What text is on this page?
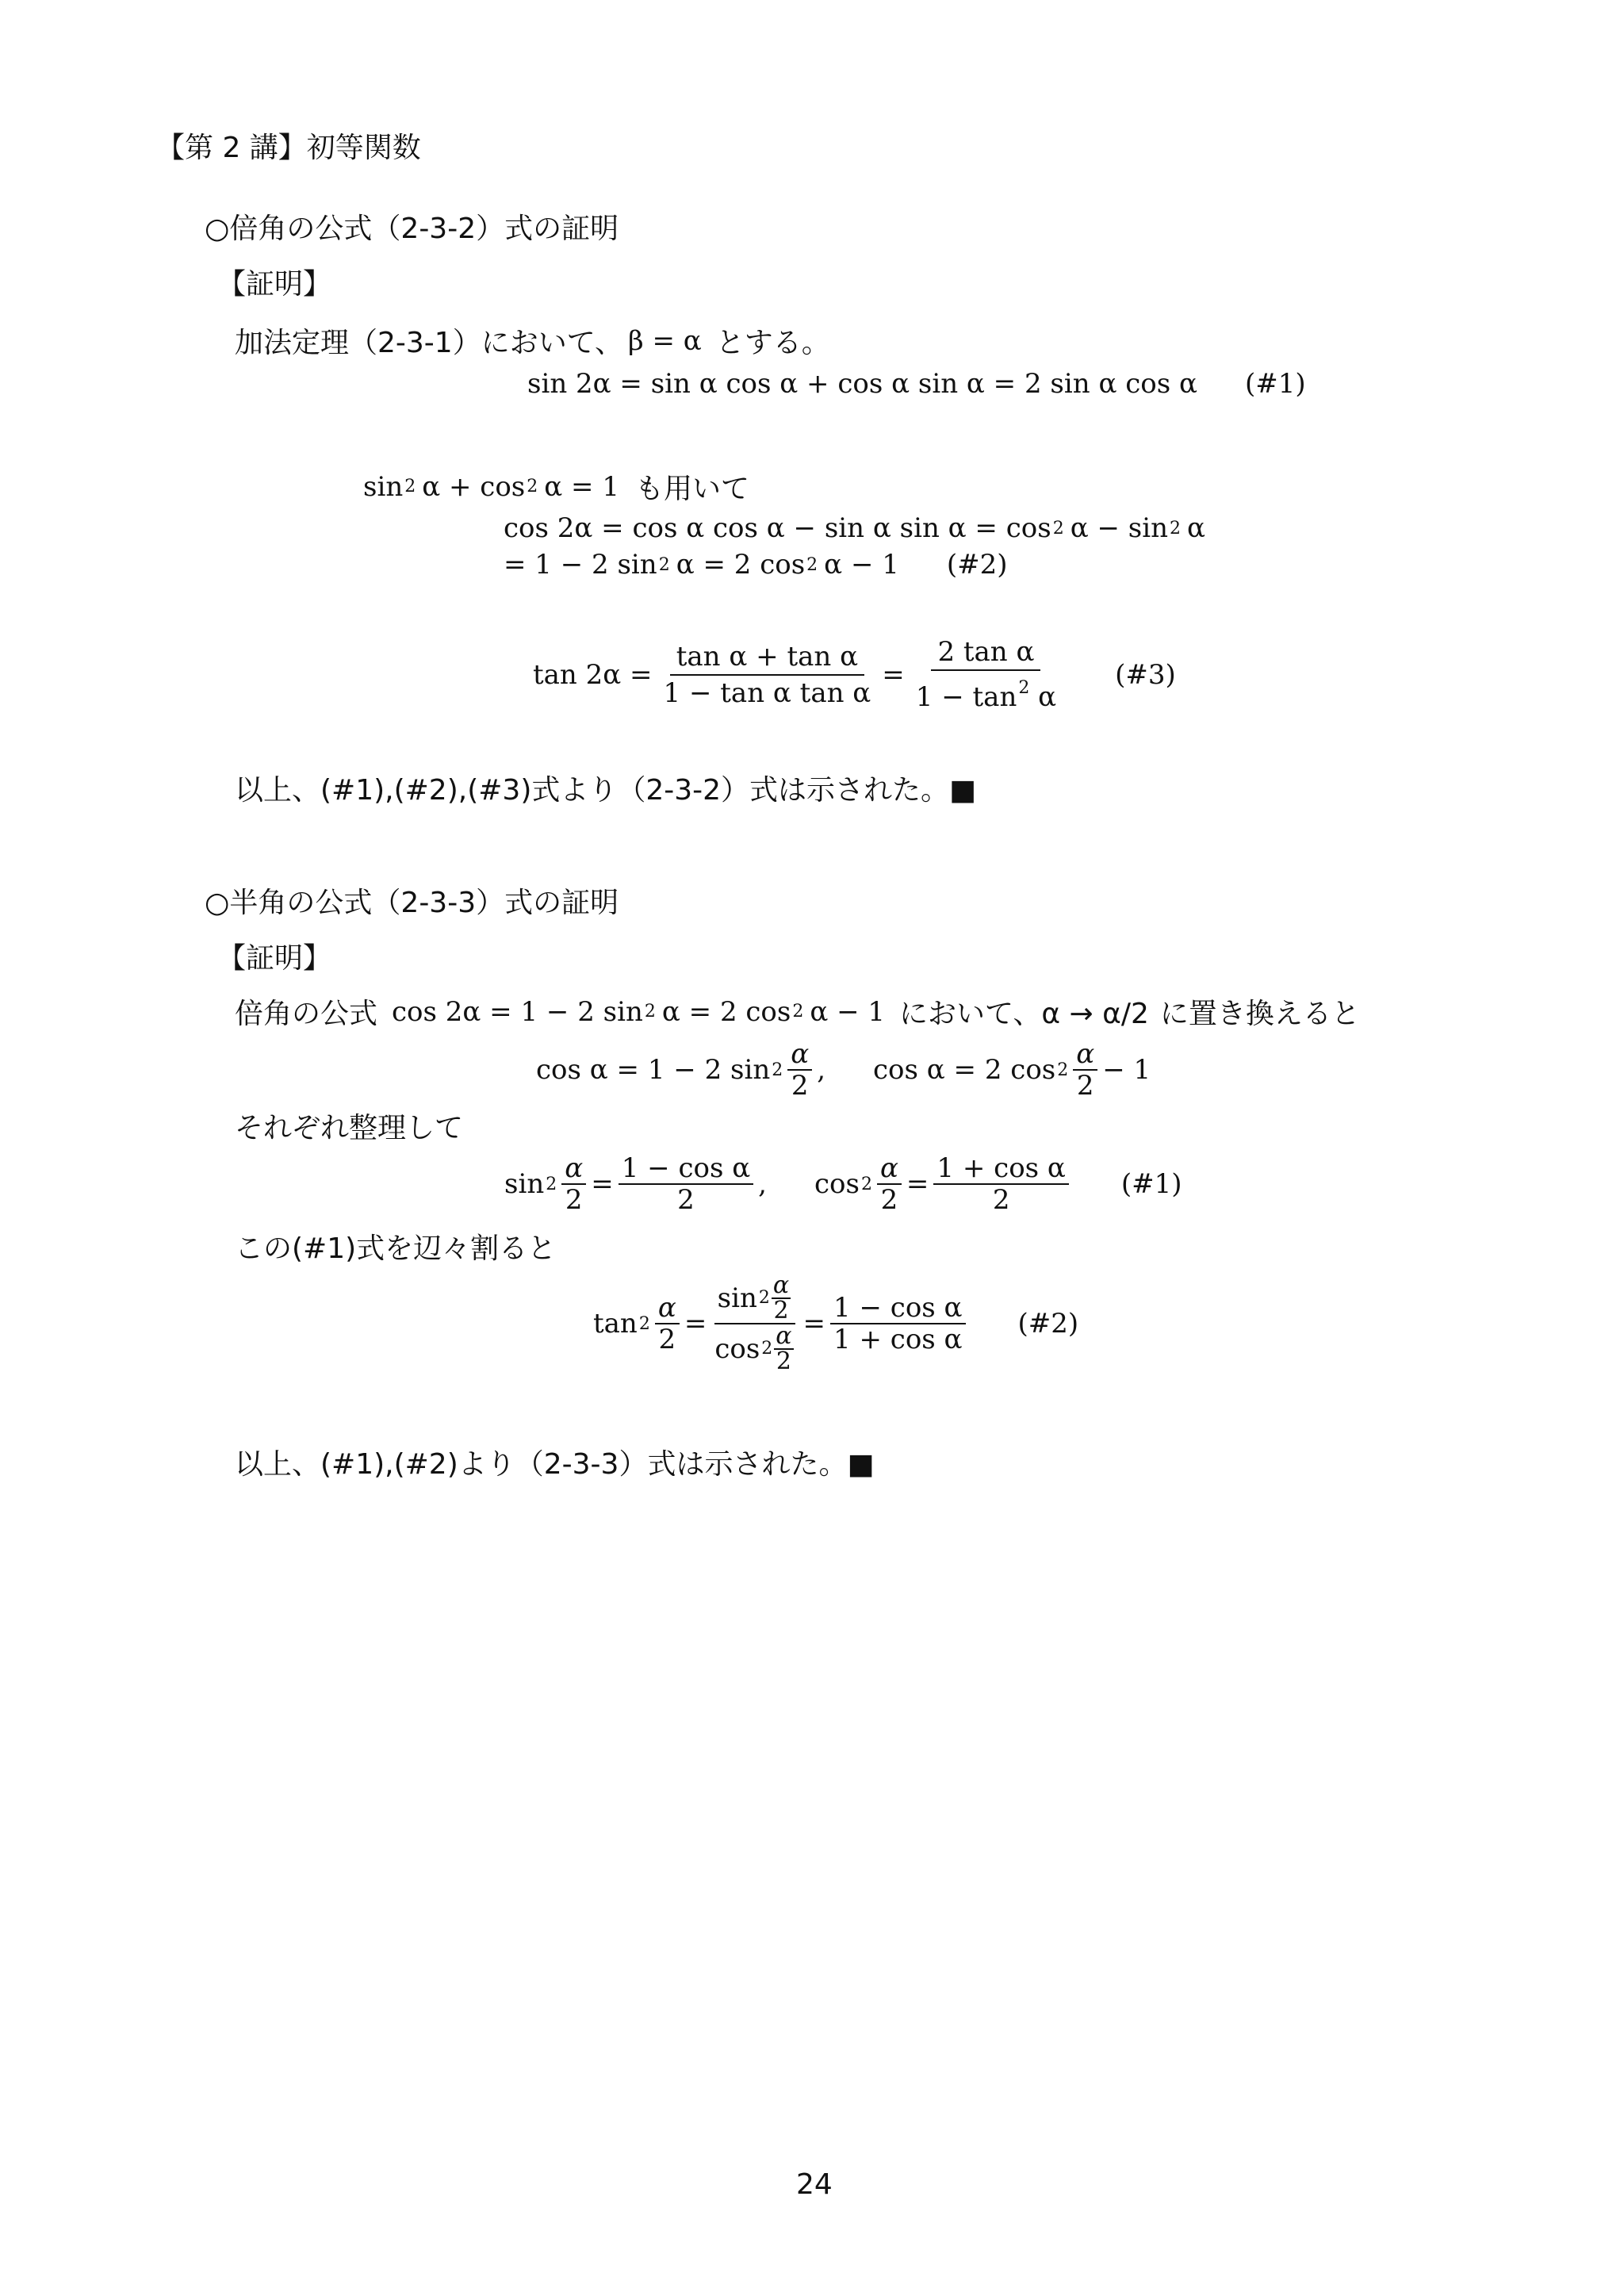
【第 2 講】初等関数
○倍角の公式（2-3-2）式の証明
【証明】
加法定理（2-3-1）において、 β = α とする。
sin 2α = sin α cos α + cos α sin α = 2 sin α cos α (#1)
sin 2 α + cos 2 α = 1 も用いて
cos 2α = cos α cos α − sin α sin α = cos 2 α − sin 2 α
= 1 − 2 sin 2 α = 2 cos 2 α − 1 (#2)
$\tan 2\alpha = \frac{\text{tan α + tan α}}{\text{1 − tan α tan α}} = \frac{\text{2 tan α}}{1 - \tan^2 \alpha}$ (#3)
以上、(#1),(#2),(#3)式より（2-3-2）式は示された。■
○半角の公式（2-3-3）式の証明
【証明】
倍角の公式 cos 2α = 1 − 2 sin 2 α = 2 cos 2 α − 1 において、α → α/2 に置き換えると
cos α = 1 − 2 $\sin 2 \frac{\alpha}{2}$ , cos α = 2 $\cos 2 \frac{\alpha}{2} - 1$
それぞれ整理して
$\sin 2 \frac{\alpha}{2} = \frac{\text{1 − cos α}}{2}$ , $\cos 2 \frac{\alpha}{2} = \frac{\text{1 + cos α}}{2}$ (#1)
この(#1)式を辺々割ると
$\tan 2 \frac{\alpha}{2} = \frac{\sin 2 \frac{\alpha}{2}}{\cos 2 \frac{\alpha}{2}} = \frac{\text{1 − cos α}}{\text{1 + cos α}}$ (#2)
以上、(#1),(#2)より（2-3-3）式は示された。■
24
